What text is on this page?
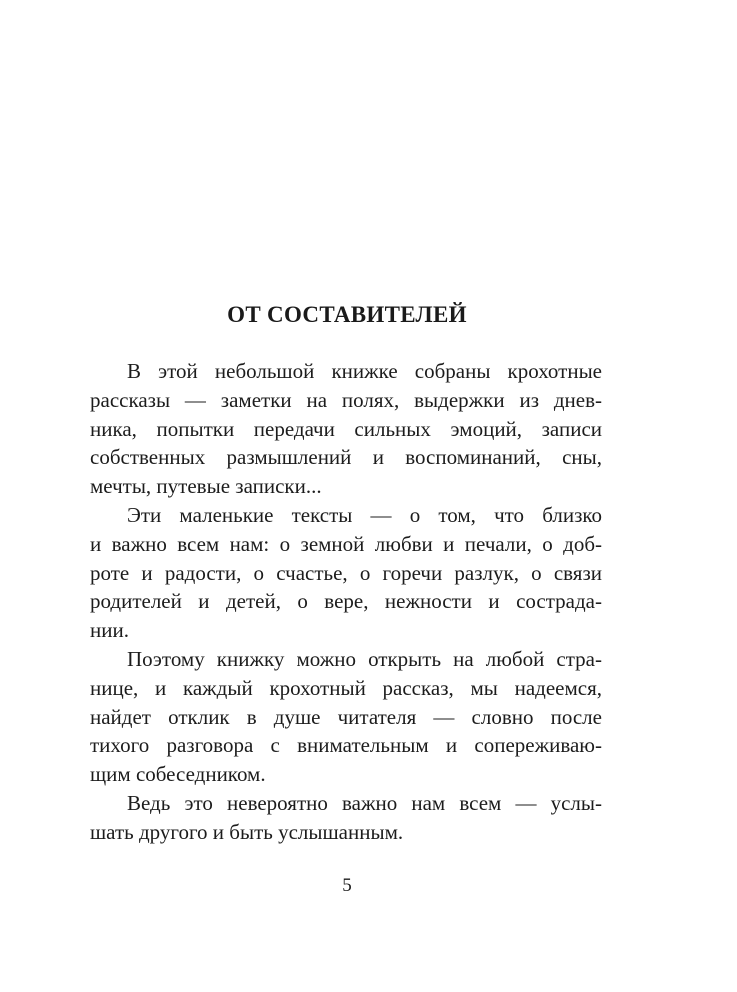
ОТ СОСТАВИТЕЛЕЙ
В этой небольшой книжке собраны крохотные
рассказы — заметки на полях, выдержки из днев-
ника, попытки передачи сильных эмоций, записи
собственных размышлений и воспоминаний, сны,
мечты, путевые записки...
Эти маленькие тексты — о том, что близко
и важно всем нам: о земной любви и печали, о доб-
роте и радости, о счастье, о горечи разлук, о связи
родителей и детей, о вере, нежности и сострада-
нии.
Поэтому книжку можно открыть на любой стра-
нице, и каждый крохотный рассказ, мы надеемся,
найдет отклик в душе читателя — словно после
тихого разговора с внимательным и сопереживаю-
щим собеседником.
Ведь это невероятно важно нам всем — услы-
шать другого и быть услышанным.
5
